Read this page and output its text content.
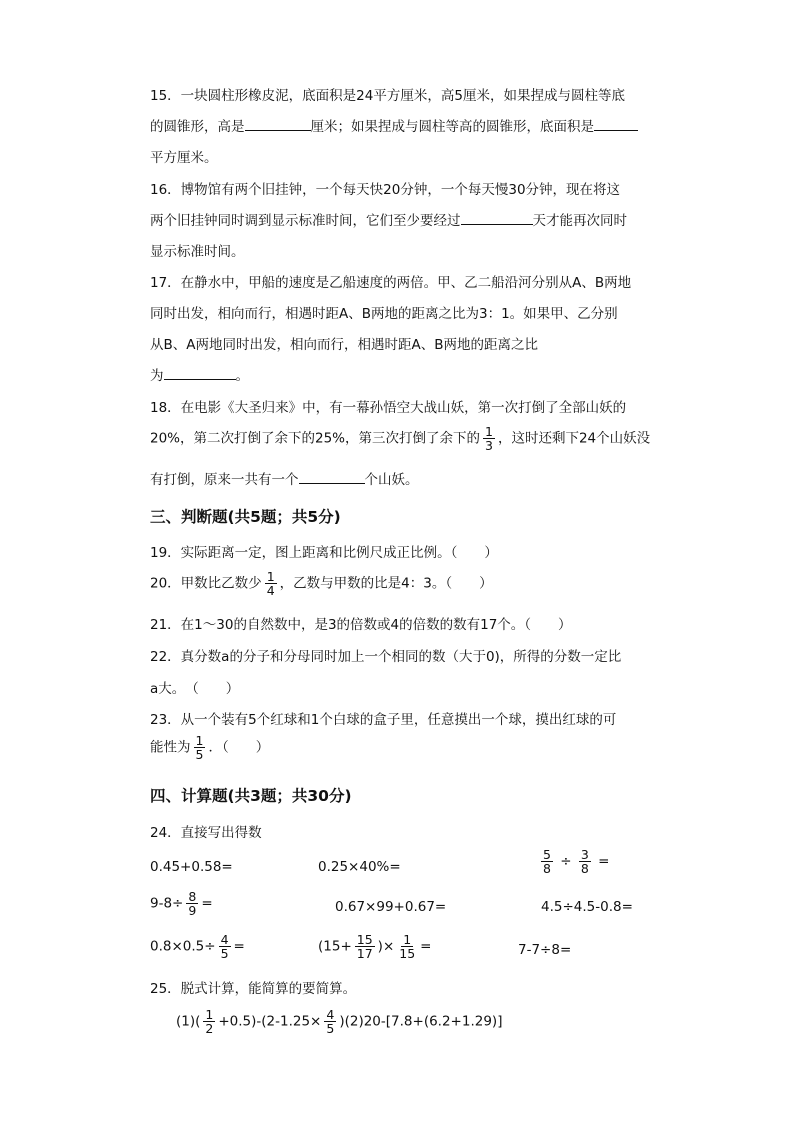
15．一块圆柱形橡皮泥，底面积是24平方厘米，高5厘米，如果捏成与圆柱等底
的圆锥形，高是	厘米；如果捏成与圆柱等高的圆锥形，底面积是
平方厘米。
16．博物馆有两个旧挂钟，一个每天快20分钟，一个每天慢30分钟，现在将这
两个旧挂钟同时调到显示标准时间，它们至少要经过	天才能再次同时
显示标准时间。
17．在静水中，甲船的速度是乙船速度的两倍。甲、乙二船沿河分别从A、B两地
同时出发，相向而行，相遇时距A、B两地的距离之比为3：1。如果甲、乙分别
从B、A两地同时出发，相向而行，相遇时距A、B两地的距离之比
为	。
18．在电影《大圣归来》中，有一幕孙悟空大战山妖，第一次打倒了全部山妖的
20%，第二次打倒了余下的25%，第三次打倒了余下的 $\frac{1}{3}$ ，这时还剩下24个山妖没
有打倒，原来一共有一个	个山妖。
三、判断题(共5题；共5分)
19．实际距离一定，图上距离和比例尺成正比例。（　　）
20．甲数比乙数少 $\frac{1}{4}$ ，乙数与甲数的比是4：3。（　　）
21．在1～30的自然数中，是3的倍数或4的倍数的数有17个。（　　）
22．真分数a的分子和分母同时加上一个相同的数（大于0)，所得的分数一定比
a大。　（　　）
23．从一个装有5个红球和1个白球的盒子里，任意摸出一个球，摸出红球的可
能性为 $\frac{1}{5}$ ．（　　）
四、计算题(共3题；共30分)
24．直接写出得数
0.45+0.58=	0.25×40%=	$\frac{5}{8} \div \frac{3}{8}$ =
$9-8\div \frac{8}{9}$ =	0.67×99+0.67=	4.5÷4.5-0.8=
$0.8\times 0.5\div \frac{4}{5}$ =	($15+ \frac{15}{17}$ )× $\frac{1}{15}$ =	7-7÷8=
25．脱式计算，能简算的要简算。
$(1)( \frac{1}{2} +0.5)-(2-1.25\times \frac{4}{5} )(2)20-[7.8+(6.2+1.29)]$
